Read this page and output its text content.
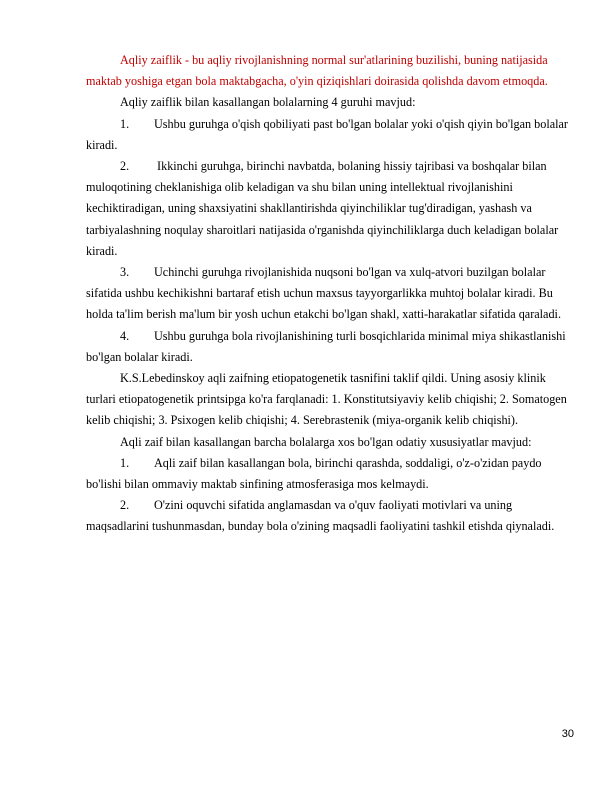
Aqliy zaiflik - bu aqliy rivojlanishning normal sur'atlarining buzilishi, buning natijasida maktab yoshiga etgan bola maktabgacha, o'yin qiziqishlari doirasida qolishda davom etmoqda.

Aqliy zaiflik bilan kasallangan bolalarning 4 guruhi mavjud:

1. Ushbu guruhga o'qish qobiliyati past bo'lgan bolalar yoki o'qish qiyin bo'lgan bolalar kiradi.

2. Ikkinchi guruhga, birinchi navbatda, bolaning hissiy tajribasi va boshqalar bilan muloqotining cheklanishiga olib keladigan va shu bilan uning intellektual rivojlanishini kechiktiradigan, uning shaxsiyatini shakllantirishda qiyinchiliklar tug'diradigan, yashash va tarbiyalashning noqulay sharoitlari natijasida o'rganishda qiyinchiliklarga duch keladigan bolalar kiradi.

3. Uchinchi guruhga rivojlanishida nuqsoni bo'lgan va xulq-atvori buzilgan bolalar sifatida ushbu kechikishni bartaraf etish uchun maxsus tayyorgarlikka muhtoj bolalar kiradi. Bu holda ta'lim berish ma'lum bir yosh uchun etakchi bo'lgan shakl, xatti-harakatlar sifatida qaraladi.

4. Ushbu guruhga bola rivojlanishining turli bosqichlarida minimal miya shikastlanishi bo'lgan bolalar kiradi.

K.S.Lebedinskoy aqli zaifning etiopatogenetik tasnifini taklif qildi. Uning asosiy klinik turlari etiopatogenetik printsipga ko'ra farqlanadi: 1. Konstitutsiyaviy kelib chiqishi; 2. Somatogen kelib chiqishi; 3. Psixogen kelib chiqishi; 4. Serebrastenik (miya-organik kelib chiqishi).

Aqli zaif bilan kasallangan barcha bolalarga xos bo'lgan odatiy xususiyatlar mavjud:

1. Aqli zaif bilan kasallangan bola, birinchi qarashda, soddaligi, o'z-o'zidan paydo bo'lishi bilan ommaviy maktab sinfining atmosferasiga mos kelmaydi.

2. O'zini oquvchi sifatida anglamasdan va o'quv faoliyati motivlari va uning maqsadlarini tushunmasdan, bunday bola o'zining maqsadli faoliyatini tashkil etishda qiynaladi.

30
